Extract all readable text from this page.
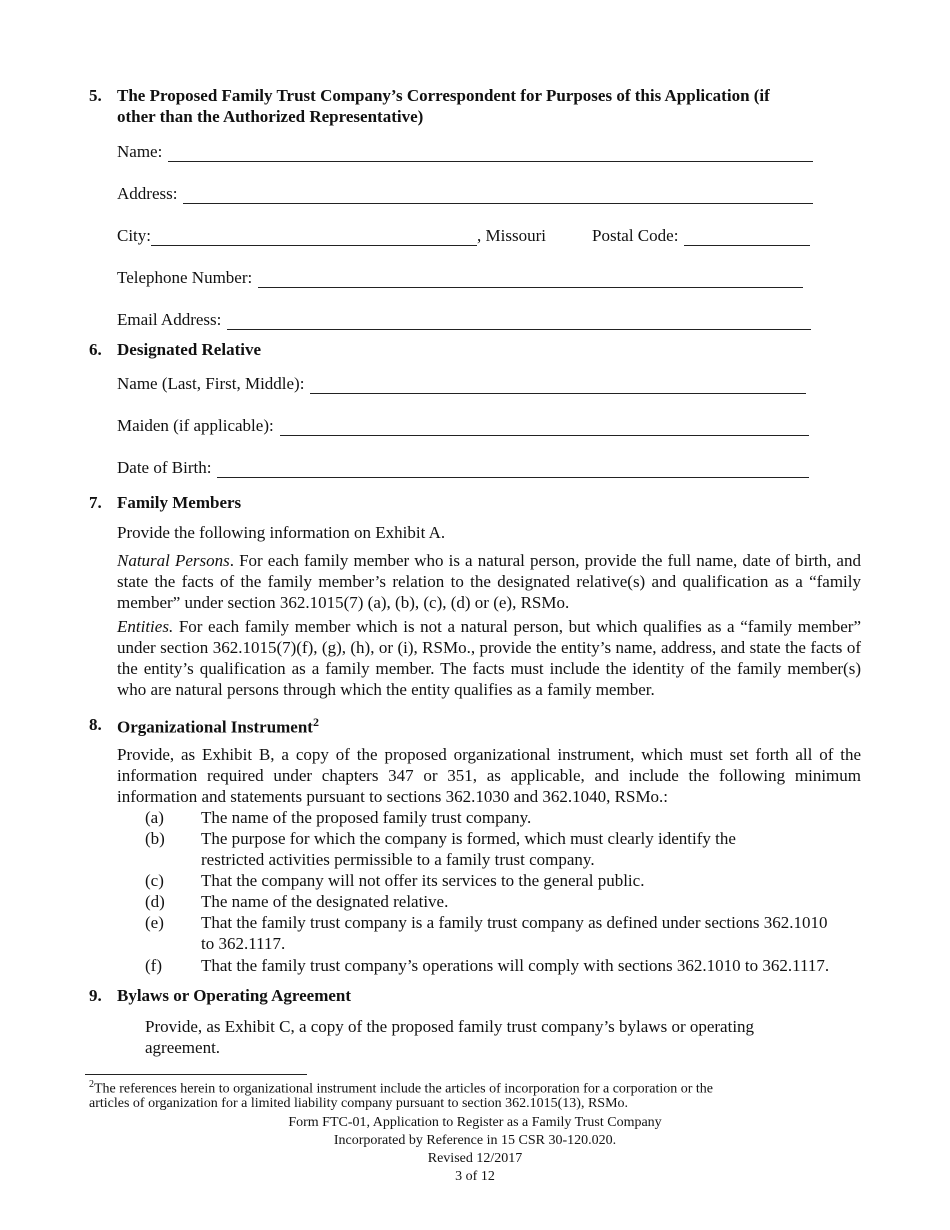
5. The Proposed Family Trust Company’s Correspondent for Purposes of this Application (if
other than the Authorized Representative)
Name:
Address:
City:	, Missouri	Postal Code:
Telephone Number:
Email Address:
6. Designated Relative
Name (Last, First, Middle):
Maiden (if applicable):
Date of Birth:
7. Family Members
Provide the following information on Exhibit A.
Natural Persons. For each family member who is a natural person, provide the full name, date of birth, and state the facts of the family member’s relation to the designated relative(s) and qualification as a “family member” under section 362.1015(7) (a), (b), (c), (d) or (e), RSMo.
Entities. For each family member which is not a natural person, but which qualifies as a “family member” under section 362.1015(7)(f), (g), (h), or (i), RSMo., provide the entity’s name, address, and state the facts of the entity’s qualification as a family member. The facts must include the identity of the family member(s) who are natural persons through which the entity qualifies as a family member.
8. Organizational Instrument$^2$
Provide, as Exhibit B, a copy of the proposed organizational instrument, which must set forth all of the information required under chapters 347 or 351, as applicable, and include the following minimum information and statements pursuant to sections 362.1030 and 362.1040, RSMo.:
(a) The name of the proposed family trust company.
(b) The purpose for which the company is formed, which must clearly identify the
restricted activities permissible to a family trust company.
(c) That the company will not offer its services to the general public.
(d) The name of the designated relative.
(e) That the family trust company is a family trust company as defined under sections 362.1010
to 362.1117.
(f) That the family trust company’s operations will comply with sections 362.1010 to 362.1117.
9. Bylaws or Operating Agreement
Provide, as Exhibit C, a copy of the proposed family trust company’s bylaws or operating
agreement.
$^2$The references herein to organizational instrument include the articles of incorporation for a corporation or the
articles of organization for a limited liability company pursuant to section 362.1015(13), RSMo.
Form FTC-01, Application to Register as a Family Trust Company
Incorporated by Reference in 15 CSR 30-120.020.
Revised 12/2017
3 of 12
